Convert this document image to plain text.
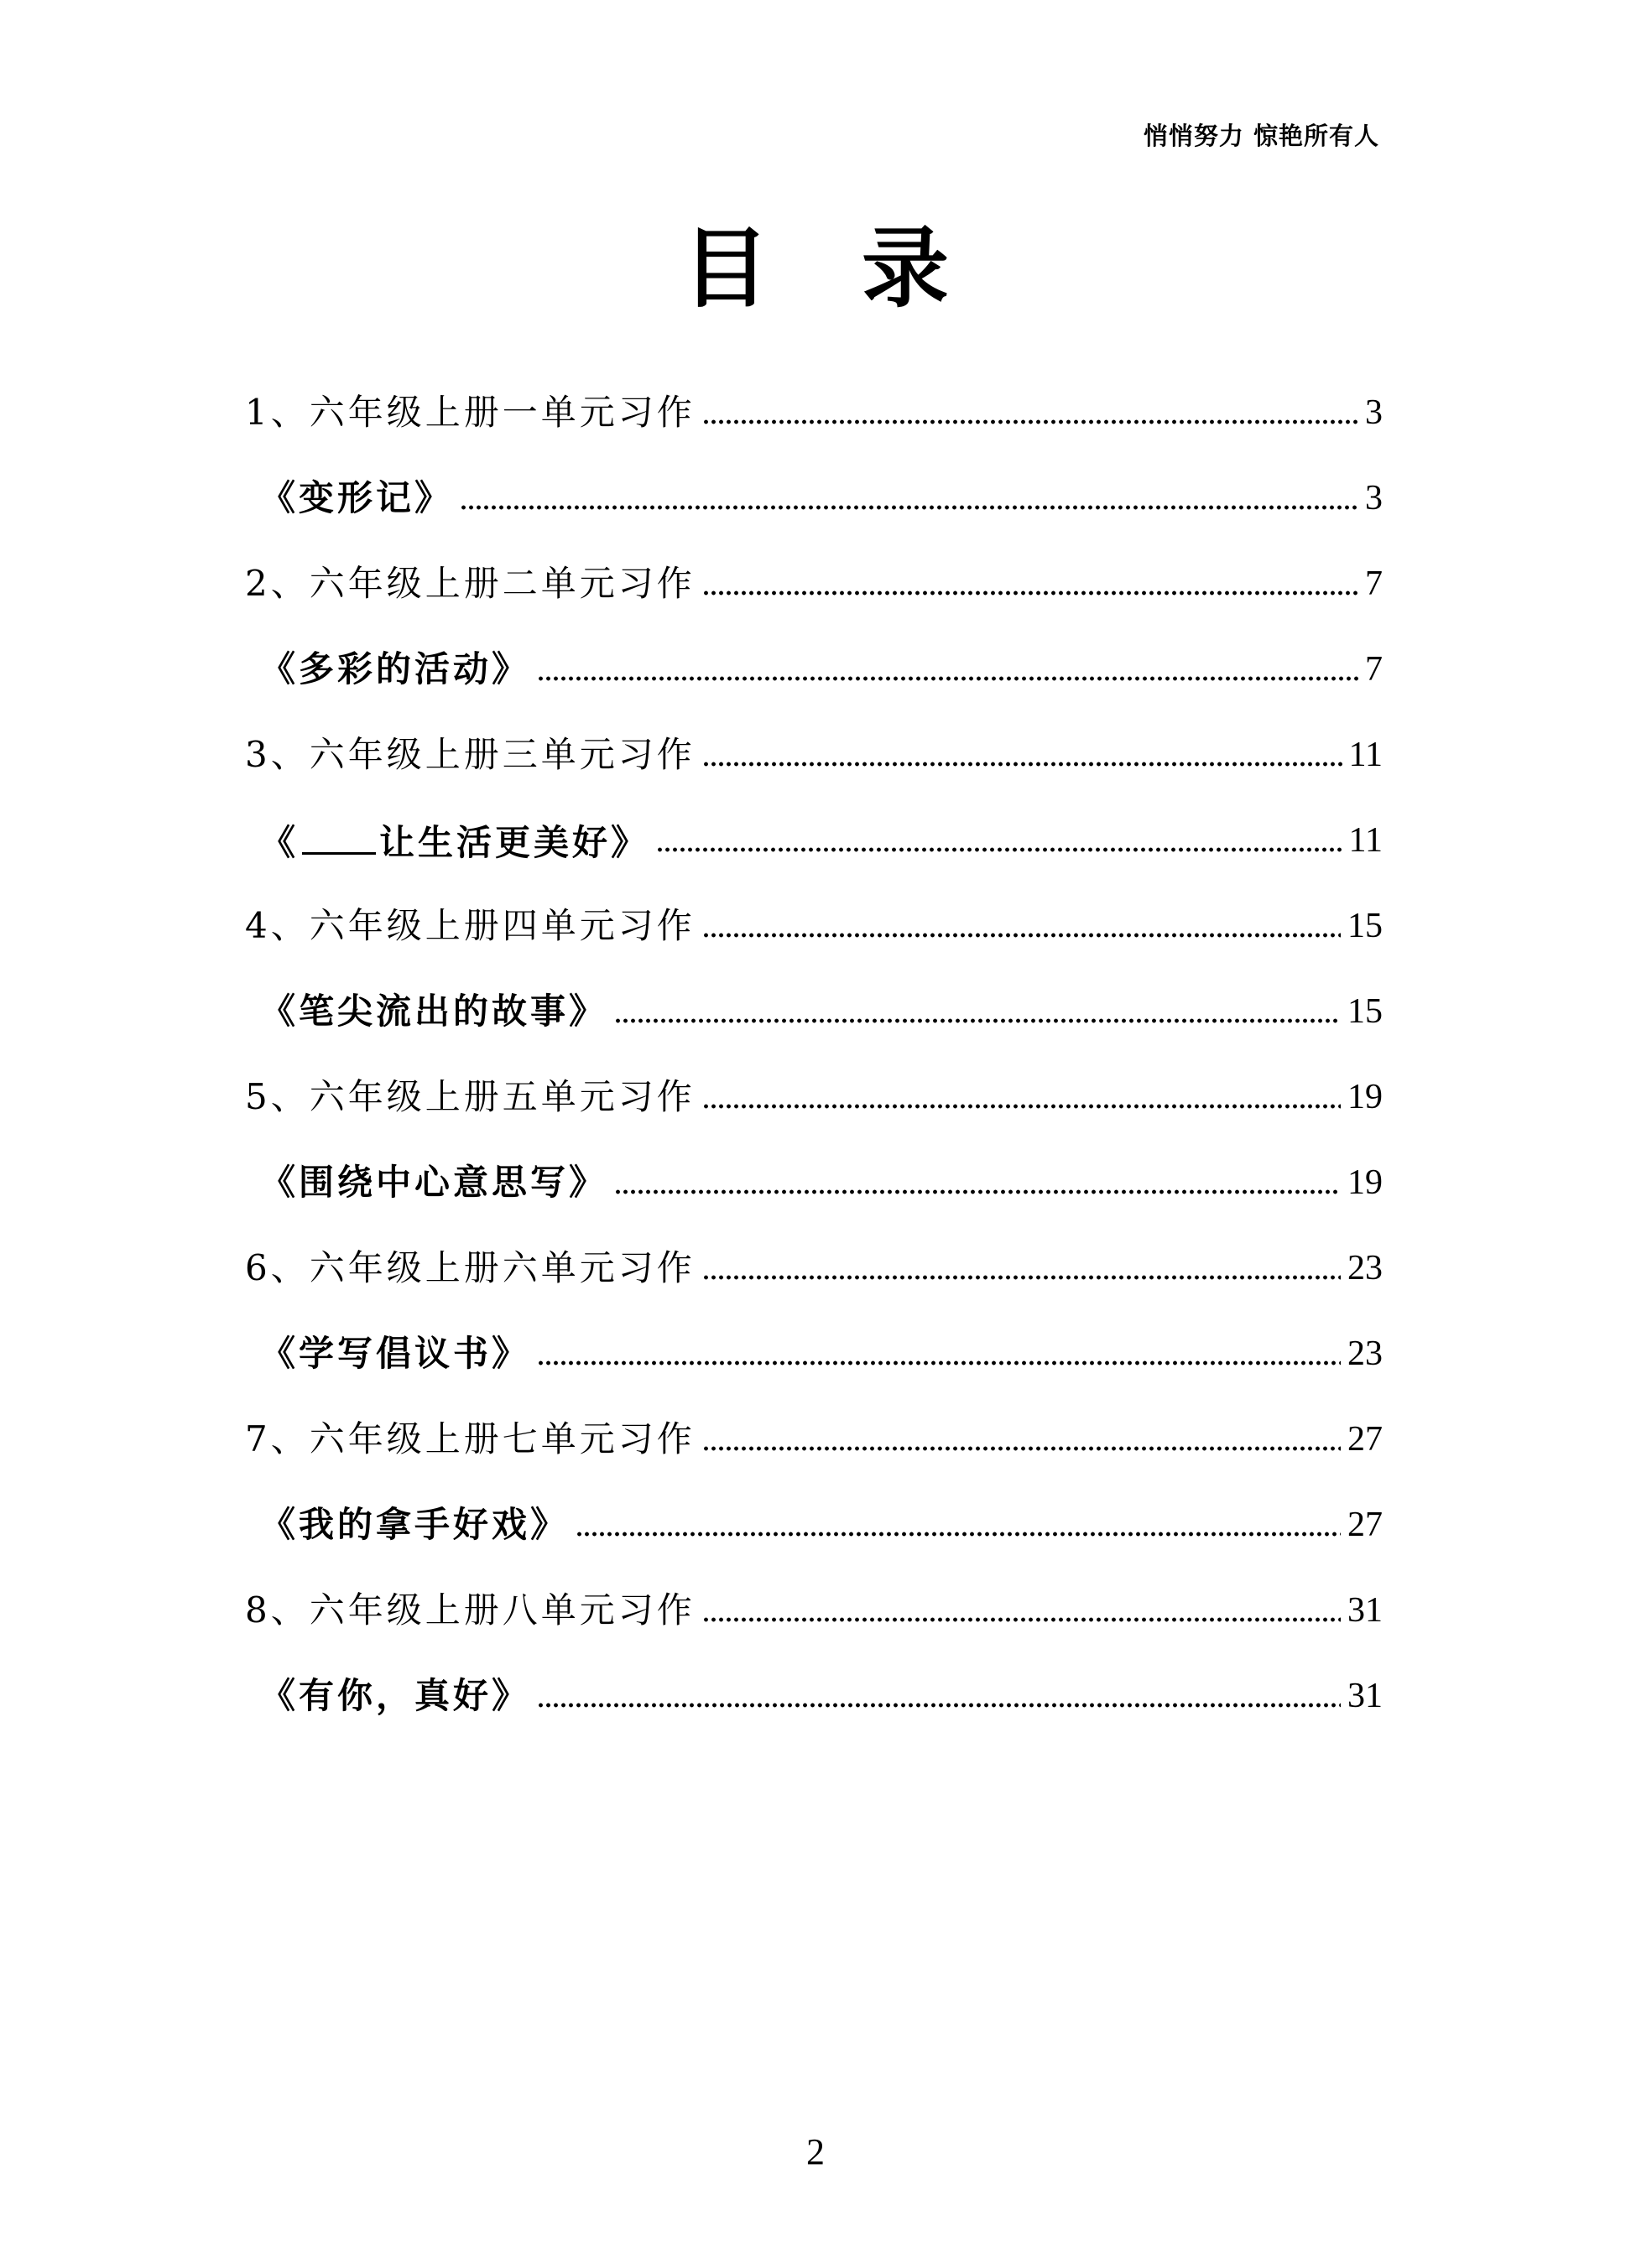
悄悄努力 惊艳所有人
目 录
1、六年级上册一单元习作	3
《变形记》	3
2、六年级上册二单元习作	7
《多彩的活动》	7
3、六年级上册三单元习作	11
《 让生活更美好》	11
4、六年级上册四单元习作	15
《笔尖流出的故事》	15
5、六年级上册五单元习作	19
《围绕中心意思写》	19
6、六年级上册六单元习作	23
《学写倡议书》	23
7、六年级上册七单元习作	27
《我的拿手好戏》	27
8、六年级上册八单元习作	31
《有你，真好》	31
2
